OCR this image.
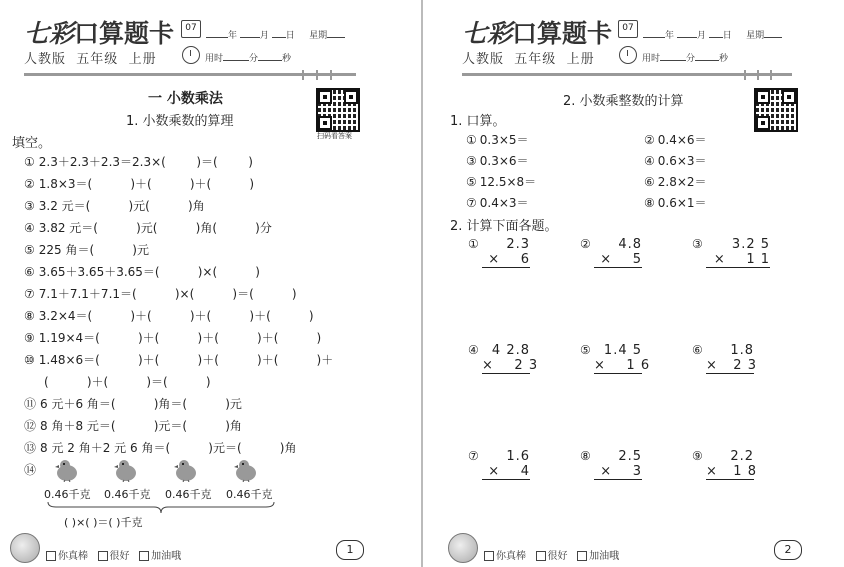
七彩口算题卡
人教版 五年级 上册
07
年	月 日 星期
用时	分	秒
扫码看答案
一 小数乘法
1. 小数乘数的算理
填空。
① 2.3＋2.3＋2.3＝2.3×(        )＝(        )
② 1.8×3＝(          )＋(          )＋(          )
③ 3.2 元＝(          )元(          )角
④ 3.82 元＝(          )元(          )角(          )分
⑤ 225 角＝(          )元
⑥ 3.65＋3.65＋3.65＝(          )×(          )
⑦ 7.1＋7.1＋7.1＝(          )×(          )＝(          )
⑧ 3.2×4＝(          )＋(          )＋(          )＋(          )
⑨ 1.19×4＝(          )＋(          )＋(          )＋(          )
⑩ 1.48×6＝(          )＋(          )＋(          )＋(          )＋
(          )＋(          )＝(          )
⑪ 6 元＋6 角＝(          )角＝(          )元
⑫ 8 角＋8 元＝(          )元＝(          )角
⑬ 8 元 2 角＋2 元 6 角＝(          )元＝(          )角
⑭
0.46千克 0.46千克 0.46千克 0.46千克
( )×( )＝( )千克
你真棒 很好 加油哦
1
七彩口算题卡
人教版 五年级 上册
07
年	月 日 星期
用时	分	秒
2. 小数乘整数的计算
1. 口算。
① 0.3×5＝	② 0.4×6＝
③ 0.3×6＝	④ 0.6×3＝
⑤ 12.5×8＝	⑥ 2.8×2＝
⑦ 0.4×3＝	⑧ 0.6×1＝
2. 计算下面各题。
①	2.3
×    6
②	4.8
×    5
③	3.2 5
×    1 1
④	4 2.8
×    2 3
⑤	1.4 5
×    1 6
⑥	1.8
×   2 3
⑦	1.6
×    4
⑧	2.5
×    3
⑨	2.2
×   1 8
你真棒 很好 加油哦
2
